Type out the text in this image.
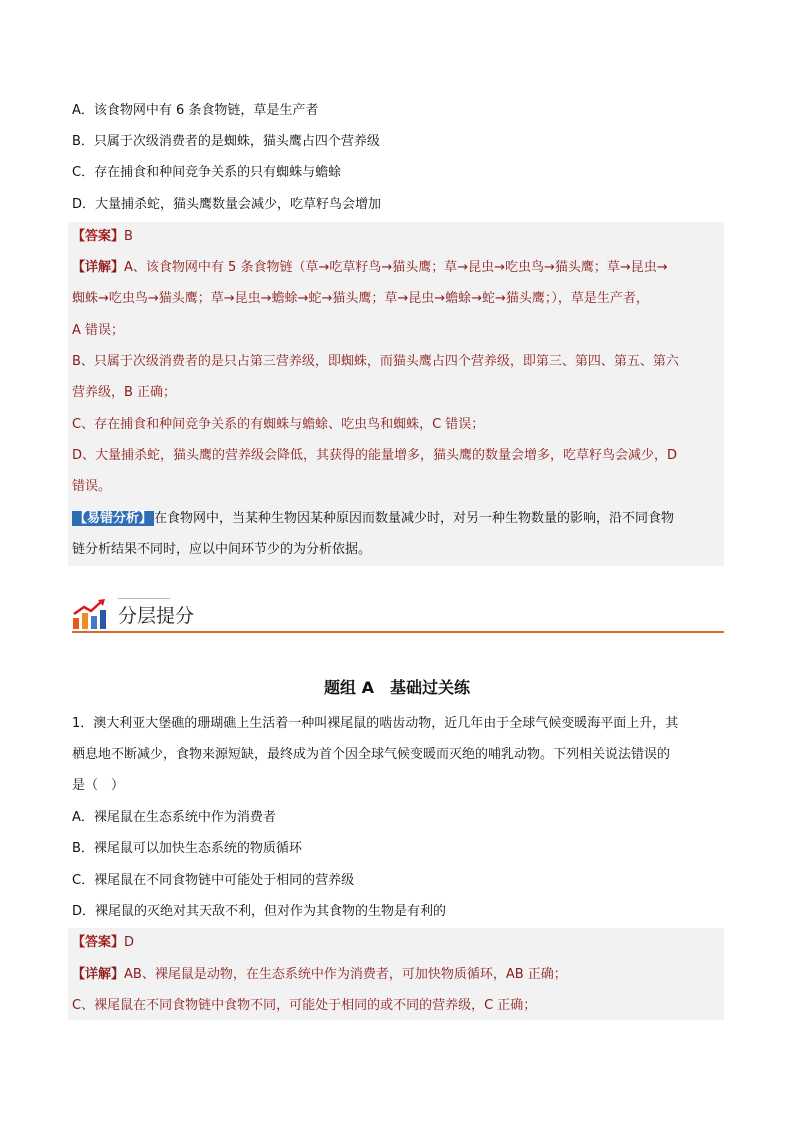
A．该食物网中有 6 条食物链，草是生产者
B．只属于次级消费者的是蜘蛛，猫头鹰占四个营养级
C．存在捕食和种间竞争关系的只有蜘蛛与蟾蜍
D．大量捕杀蛇，猫头鹰数量会减少，吃草籽鸟会增加
【答案】B
【详解】A、该食物网中有 5 条食物链（草→吃草籽鸟→猫头鹰；草→昆虫→吃虫鸟→猫头鹰；草→昆虫→
蜘蛛→吃虫鸟→猫头鹰；草→昆虫→蟾蜍→蛇→猫头鹰；草→昆虫→蟾蜍→蛇→猫头鹰；），草是生产者，
A 错误；
B、只属于次级消费者的是只占第三营养级，即蜘蛛，而猫头鹰占四个营养级，即第三、第四、第五、第六
营养级，B 正确；
C、存在捕食和种间竞争关系的有蜘蛛与蟾蜍、吃虫鸟和蜘蛛，C 错误；
D、大量捕杀蛇，猫头鹰的营养级会降低，其获得的能量增多，猫头鹰的数量会增多，吃草籽鸟会减少，D
错误。
【易错分析】 在食物网中，当某种生物因某种原因而数量减少时，对另一种生物数量的影响，沿不同食物
链分析结果不同时，应以中间环节少的为分析依据。
分层提分
题组 A　基础过关练
1．澳大利亚大堡礁的珊瑚礁上生活着一种叫裸尾鼠的啮齿动物，近几年由于全球气候变暖海平面上升，其
栖息地不断减少，食物来源短缺，最终成为首个因全球气候变暖而灭绝的哺乳动物。下列相关说法错误的
是（　）
A．裸尾鼠在生态系统中作为消费者
B．裸尾鼠可以加快生态系统的物质循环
C．裸尾鼠在不同食物链中可能处于相同的营养级
D．裸尾鼠的灭绝对其天敌不利，但对作为其食物的生物是有利的
【答案】D
【详解】AB、裸尾鼠是动物，在生态系统中作为消费者，可加快物质循环，AB 正确；
C、裸尾鼠在不同食物链中食物不同，可能处于相同的或不同的营养级，C 正确；
